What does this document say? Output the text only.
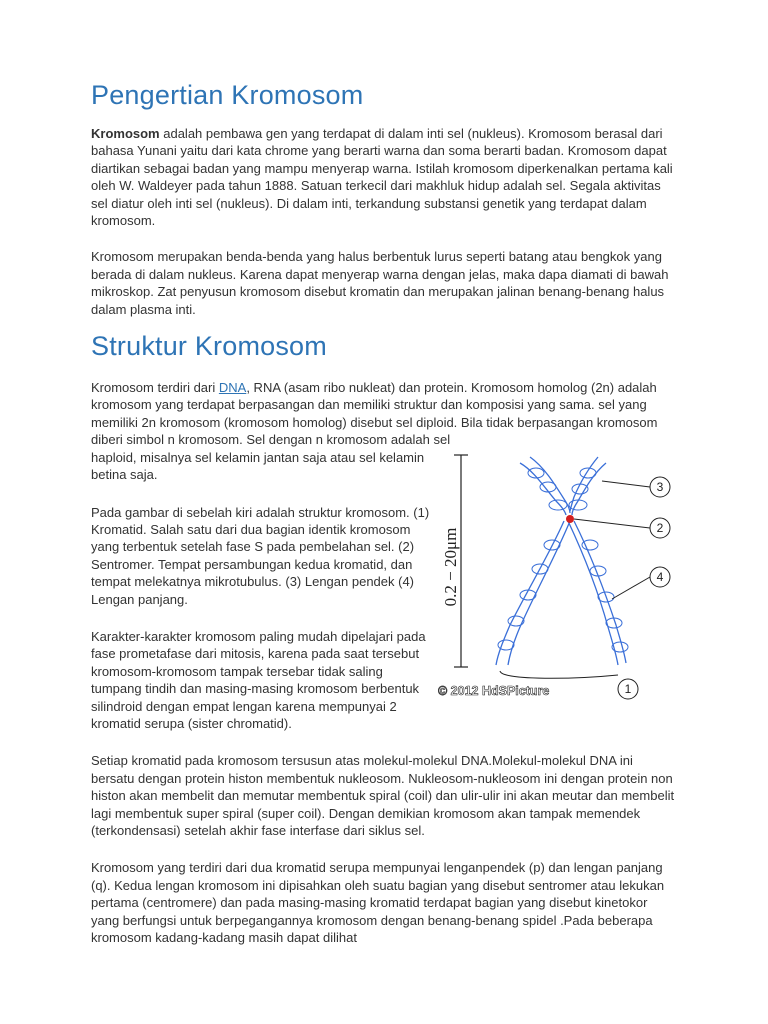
Pengertian Kromosom

Kromosom adalah pembawa gen yang terdapat di dalam inti sel (nukleus). Kromosom berasal dari bahasa Yunani yaitu dari kata chrome yang berarti warna dan soma berarti badan. Kromosom dapat diartikan sebagai badan yang mampu menyerap warna. Istilah kromosom diperkenalkan pertama kali oleh W. Waldeyer pada tahun 1888. Satuan terkecil dari makhluk hidup adalah sel. Segala aktivitas sel diatur oleh inti sel (nukleus). Di dalam inti, terkandung substansi genetik yang terdapat dalam kromosom.

Kromosom merupakan benda-benda yang halus berbentuk lurus seperti batang atau bengkok yang berada di dalam nukleus. Karena dapat menyerap warna dengan jelas, maka dapa diamati di bawah mikroskop. Zat penyusun kromosom disebut kromatin dan merupakan jalinan benang-benang halus dalam plasma inti.

Struktur Kromosom

Kromosom terdiri dari DNA, RNA (asam ribo nukleat) dan protein. Kromosom homolog (2n) adalah kromosom yang terdapat berpasangan dan memiliki struktur dan komposisi yang sama. sel yang memiliki 2n kromosom (kromosom homolog) disebut sel diploid. Bila tidak berpasangan kromosom diberi simbol n kromosom. Sel dengan n kromosom adalah sel

0.2 − 20μm
3
2
4
1
© 2012 HdSPicture

haploid, misalnya sel kelamin jantan saja atau sel kelamin betina saja.

Pada gambar di sebelah kiri adalah struktur kromosom. (1) Kromatid. Salah satu dari dua bagian identik kromosom yang terbentuk setelah fase S pada pembelahan sel. (2) Sentromer. Tempat persambungan kedua kromatid, dan tempat melekatnya mikrotubulus. (3) Lengan pendek (4) Lengan panjang.

Karakter-karakter kromosom paling mudah dipelajari pada fase prometafase dari mitosis, karena pada saat tersebut kromosom-kromosom tampak tersebar tidak saling tumpang tindih dan masing-masing kromosom berbentuk silindroid dengan empat lengan karena mempunyai 2 kromatid serupa (sister chromatid).

Setiap kromatid pada kromosom tersusun atas molekul-molekul DNA.Molekul-molekul DNA ini bersatu dengan protein histon membentuk nukleosom. Nukleosom-nukleosom ini dengan protein non histon akan membelit dan memutar membentuk spiral (coil) dan ulir-ulir ini akan meutar dan membelit lagi membentuk super spiral (super coil). Dengan demikian kromosom akan tampak memendek (terkondensasi) setelah akhir fase interfase dari siklus sel.

Kromosom yang terdiri dari dua kromatid serupa mempunyai lenganpendek (p) dan lengan panjang (q). Kedua lengan kromosom ini dipisahkan oleh suatu bagian yang disebut sentromer atau lekukan pertama (centromere) dan pada masing-masing kromatid terdapat bagian yang disebut kinetokor yang berfungsi untuk berpegangannya kromosom dengan benang-benang spidel .Pada beberapa kromosom kadang-kadang masih dapat dilihat
